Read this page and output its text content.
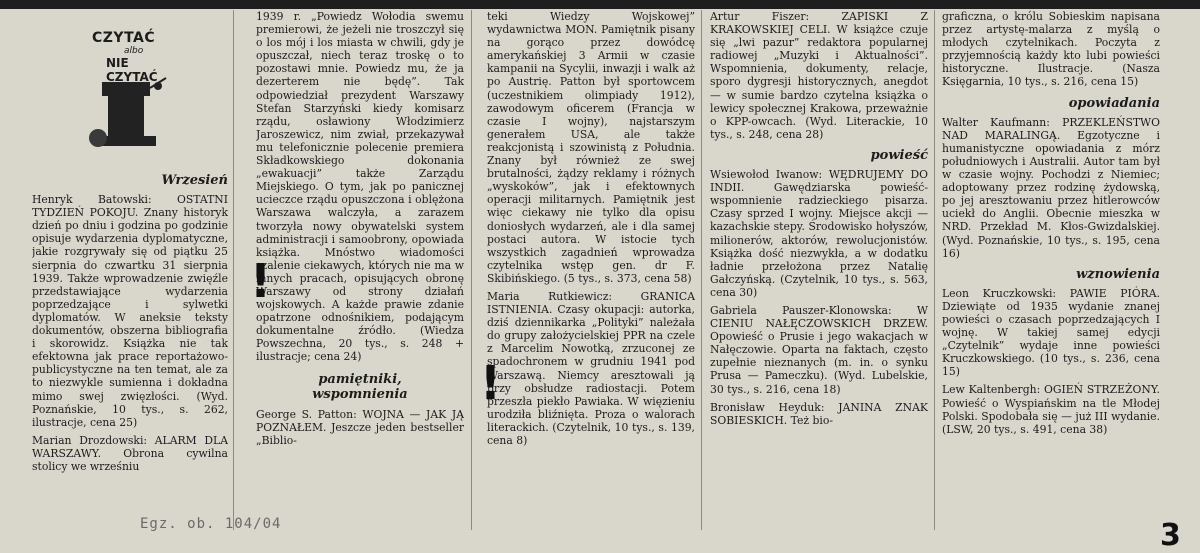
CZYTAĆ
albo
NIE CZYTAĆ
Wrzesień

Henryk Batowski: OSTATNI TYDZIEŃ POKOJU. Znany historyk dzień po dniu i godzina po godzinie opisuje wydarzenia dyplomatyczne, jakie rozgrywały się od piątku 25 sierpnia do czwartku 31 sierpnia 1939. Także wprowadzenie zwięźle przedstawiające wydarzenia poprzedzające i sylwetki dyplomatów. W aneksie teksty dokumentów, obszerna bibliografia i skorowidz. Książka nie tak efektowna jak prace reportażowo-publicystyczne na ten temat, ale za to niezwykle sumienna i dokładna mimo swej zwięzłości. (Wyd. Poznańskie, 10 tys., s. 262, ilustracje, cena 25)

Marian Drozdowski: ALARM DLA WARSZAWY. Obrona cywilna stolicy we wrześniu

1939 r. „Powiedz Wołodia swemu premierowi, że jeżeli nie troszczył się o los mój i los miasta w chwili, gdy je opuszczał, niech teraz troskę o to pozostawi mnie. Powiedz mu, że ja dezerterem nie będę”. Tak odpowiedział prezydent Warszawy Stefan Starzyński kiedy komisarz rządu, osławiony Włodzimierz Jaroszewicz, nim zwiał, przekazywał mu telefonicznie polecenie premiera Składkowskiego dokonania „ewakuacji” także Zarządu Miejskiego. O tym, jak po panicznej ucieczce rządu opuszczona i oblężona Warszawa walczyła, a zarazem tworzyła nowy obywatelski system administracji i samoobrony, opowiada książka. Mnóstwo wiadomości szalenie ciekawych, których nie ma w innych pracach, opisujących obronę Warszawy od strony działań wojskowych. A każde prawie zdanie opatrzone odnośnikiem, podającym dokumentalne źródło. (Wiedza Powszechna, 20 tys., s. 248 + ilustracje; cena 24)

pamiętniki,
wspomnienia

George S. Patton: WOJNA — JAK JĄ POZNAŁEM. Jeszcze jeden bestseller „Biblio-

!

teki Wiedzy Wojskowej” wydawnictwa MON. Pamiętnik pisany na gorąco przez dowódcę amerykańskiej 3 Armii w czasie kampanii na Sycylii, inwazji i walk aż po Austrię. Patton był sportowcem (uczestnikiem olimpiady 1912), zawodowym oficerem (Francja w czasie I wojny), najstarszym generałem USA, ale także reakcjonistą i szowinistą z Południa. Znany był również ze swej brutalności, żądzy reklamy i różnych „wyskoków”, jak i efektownych operacji militarnych. Pamiętnik jest więc ciekawy nie tylko dla opisu doniosłych wydarzeń, ale i dla samej postaci autora. W istocie tych wszystkich zagadnień wprowadza czytelnika wstęp gen. dr F. Skibińskiego. (5 tys., s. 373, cena 58)

Maria Rutkiewicz: GRANICA ISTNIENIA. Czasy okupacji: autorka, dziś dziennikarka „Polityki” należała do grupy założycielskiej PPR na czele z Marcelim Nowotką, zrzuconej ze spadochronem w grudniu 1941 pod Warszawą. Niemcy aresztowali ją przy obsłudze radiostacji. Potem przeszła piekło Pawiaka. W więzieniu urodziła bliźnięta. Proza o walorach literackich. (Czytelnik, 10 tys., s. 139, cena 8)

!

Artur Fiszer: ZAPISKI Z KRAKOWSKIEJ CELI. W książce czuje się „lwi pazur” redaktora popularnej radiowej „Muzyki i Aktualności”. Wspomnienia, dokumenty, relacje, sporo dygresji historycznych, anegdot — w sumie bardzo czytelna książka o lewicy społecznej Krakowa, przeważnie o KPP-owcach. (Wyd. Literackie, 10 tys., s. 248, cena 28)

powieść

Wsiewołod Iwanow: WĘDRUJEMY DO INDII. Gawędziarska powieść-wspomnienie radzieckiego pisarza. Czasy sprzed I wojny. Miejsce akcji — kazachskie stepy. Środowisko hołyszów, milionerów, aktorów, rewolucjonistów. Książka dość niezwykła, a w dodatku ładnie przełożona przez Natalię Gałczyńską. (Czytelnik, 10 tys., s. 563, cena 30)

Gabriela Pauszer-Klonowska: W CIENIU NAŁĘCZOWSKICH DRZEW. Opowieść o Prusie i jego wakacjach w Nałęczowie. Oparta na faktach, często zupełnie nieznanych (m. in. o synku Prusa — Pameczku). (Wyd. Lubelskie, 30 tys., s. 216, cena 18)

Bronisław Heyduk: JANINA ZNAK SOBIESKICH. Też bio-

graficzna, o królu Sobieskim napisana przez artystę-malarza z myślą o młodych czytelnikach. Poczyta z przyjemnością każdy kto lubi powieści historyczne. Ilustracje. (Nasza Księgarnia, 10 tys., s. 216, cena 15)

opowiadania

Walter Kaufmann: PRZEKLEŃSTWO NAD MARALINGĄ. Egzotyczne i humanistyczne opowiadania z mórz południowych i Australii. Autor tam był w czasie wojny. Pochodzi z Niemiec; adoptowany przez rodzinę żydowską, po jej aresztowaniu przez hitlerowców uciekł do Anglii. Obecnie mieszka w NRD. Przekład M. Kłos-Gwizdalskiej. (Wyd. Poznańskie, 10 tys., s. 195, cena 16)

wznowienia

Leon Kruczkowski: PAWIE PIÓRA. Dziewiąte od 1935 wydanie znanej powieści o czasach poprzedzających I wojnę. W takiej samej edycji „Czytelnik” wydaje inne powieści Kruczkowskiego. (10 tys., s. 236, cena 15)

Lew Kaltenbergh: OGIEŃ STRZEŻONY. Powieść o Wyspiańskim na tle Młodej Polski. Spodobała się — już III wydanie. (LSW, 20 tys., s. 491, cena 38)

Egz. ob. 104/04	3
